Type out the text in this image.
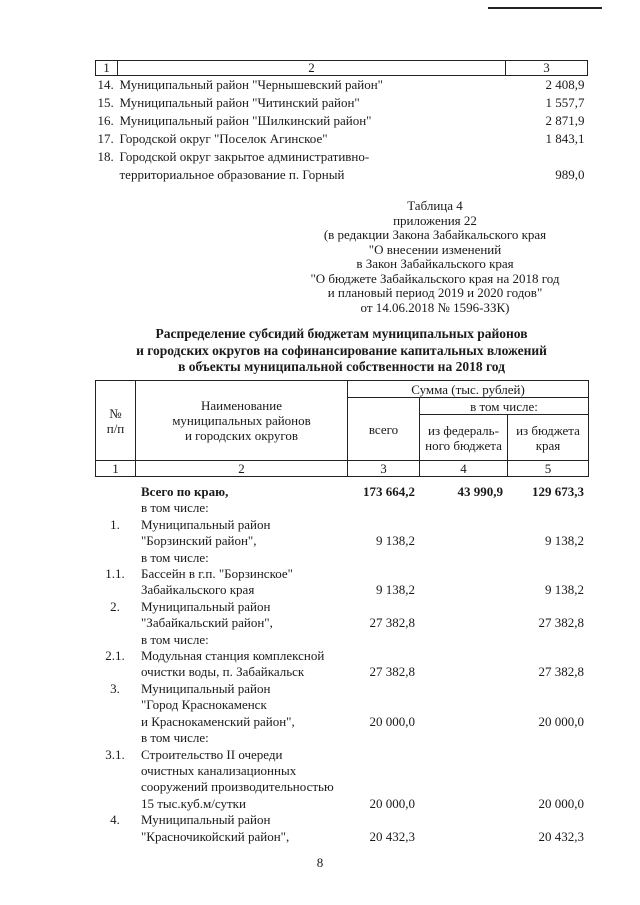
1	2	3
14.	Муниципальный район "Чернышевский район"	2 408,9
15.	Муниципальный район "Читинский район"	1 557,7
16.	Муниципальный район "Шилкинский район"	2 871,9
17.	Городской округ "Поселок Агинское"	1 843,1
18.	Городской округ закрытое административно-
территориальное образование п. Горный	989,0
Таблица 4
приложения 22
(в редакции Закона Забайкальского края
"О внесении изменений
в Закон Забайкальского края
"О бюджете Забайкальского края на 2018 год
и плановый период 2019 и 2020 годов"
от 14.06.2018 № 1596-ЗЗК)
Распределение субсидий бюджетам муниципальных районов
и городских округов на софинансирование капитальных вложений
в объекты муниципальной собственности на 2018 год
№
п/п	Наименование
муниципальных районов
и городских округов	Сумма (тыс. рублей)		
		всего	в том числе:	
			из федераль-
ного бюджета	из бюджета
края
1	2	3	4	5
	Всего по краю,	173 664,2	43 990,9	129 673,3
	в том числе:			
1.	Муниципальный район
"Борзинский район",	9 138,2		9 138,2
	в том числе:			
1.1.	Бассейн в г.п. "Борзинское"
Забайкальского края	9 138,2		9 138,2
2.	Муниципальный район
"Забайкальский район",	27 382,8		27 382,8
	в том числе:			
2.1.	Модульная станция комплексной
очистки воды, п. Забайкальск	27 382,8		27 382,8
3.	Муниципальный район
"Город Краснокаменск
и Краснокаменский район",	20 000,0		20 000,0
	в том числе:			
3.1.	Строительство II очереди
очистных канализационных
сооружений производительностью
15 тыс.куб.м/сутки	20 000,0		20 000,0
4.	Муниципальный район
"Красночикойский район",	20 432,3		20 432,3
8
